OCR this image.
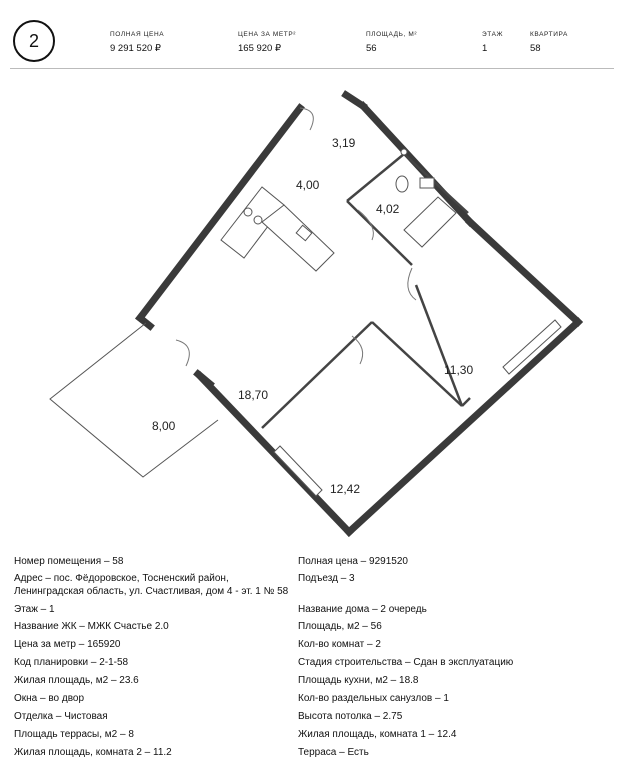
2	ПОЛНАЯ ЦЕНА
9 291 520 ₽
ЦЕНА ЗА МЕТР²
165 920 ₽
ПЛОЩАДЬ, М²
56
ЭТАЖ
1
КВАРТИРА
58
3,19
4,00
4,02
11,30
18,70
8,00
12,42
Номер помещения – 58
Адрес – пос. Фёдоровское, Тосненский район,
Ленинградская область, ул. Счастливая, дом 4 - эт. 1 № 58
Этаж – 1
Название ЖК – МЖК Счастье 2.0
Цена за метр – 165920
Код планировки – 2-1-58
Жилая площадь, м2 – 23.6
Окна – во двор
Отделка – Чистовая
Площадь террасы, м2 – 8
Жилая площадь, комната 2 – 11.2
Полная цена – 9291520
Подъезд – 3
Название дома – 2 очередь
Площадь, м2 – 56
Кол-во комнат – 2
Стадия строительства – Сдан в эксплуатацию
Площадь кухни, м2 – 18.8
Кол-во раздельных санузлов – 1
Высота потолка – 2.75
Жилая площадь, комната 1 – 12.4
Терраса – Есть
